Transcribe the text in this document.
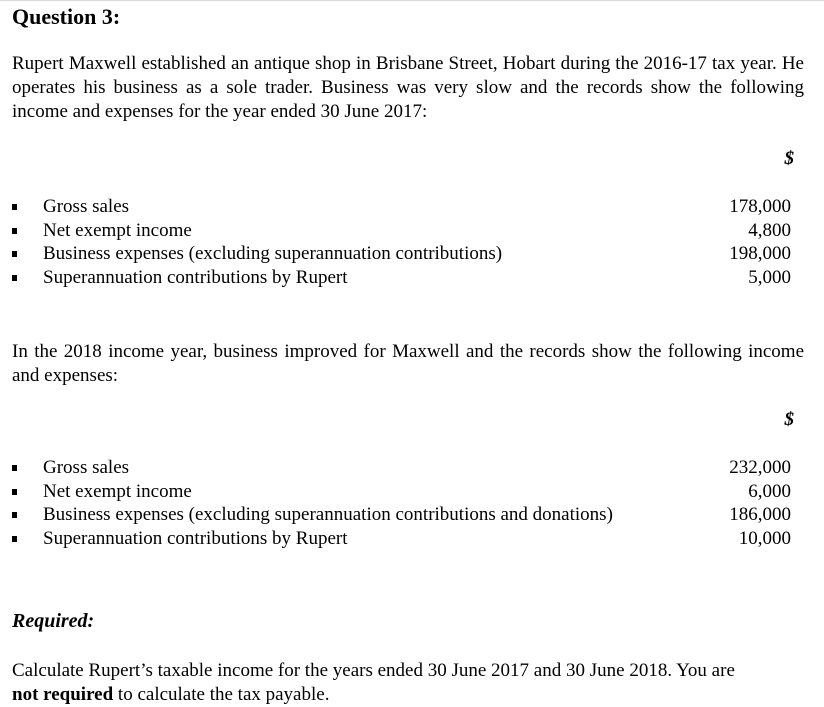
Question 3:
Rupert Maxwell established an antique shop in Brisbane Street, Hobart during the 2016-17 tax year. He operates his business as a sole trader. Business was very slow and the records show the following income and expenses for the year ended 30 June 2017:
$
Gross sales	178,000
Net exempt income	4,800
Business expenses (excluding superannuation contributions)	198,000
Superannuation contributions by Rupert	5,000
In the 2018 income year, business improved for Maxwell and the records show the following income and expenses:
$
Gross sales	232,000
Net exempt income	6,000
Business expenses (excluding superannuation contributions and donations)	186,000
Superannuation contributions by Rupert	10,000
Required:
Calculate Rupert’s taxable income for the years ended 30 June 2017 and 30 June 2018. You are
not required to calculate the tax payable.
